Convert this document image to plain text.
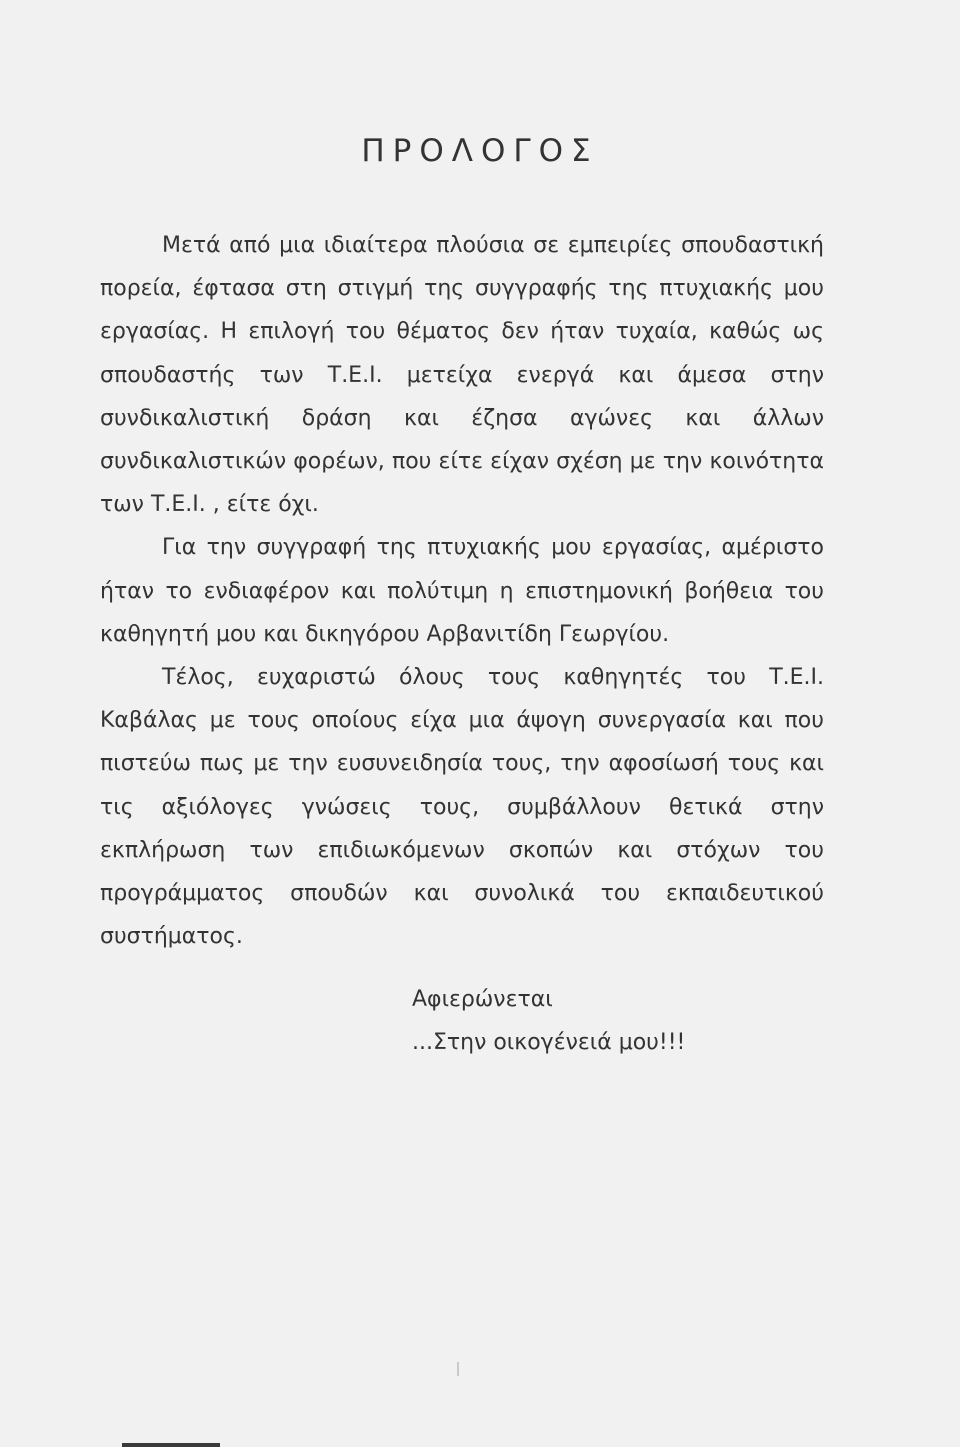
ΠΡΟΛΟΓΟΣ

Μετά από μια ιδιαίτερα πλούσια σε εμπειρίες σπουδαστική πορεία, έφτασα στη στιγμή της συγγραφής της πτυχιακής μου εργασίας. Η επιλογή του θέματος δεν ήταν τυχαία, καθώς ως σπουδαστής των Τ.Ε.Ι. μετείχα ενεργά και άμεσα στην συνδικαλιστική δράση και έζησα αγώνες και άλλων συνδικαλιστικών φορέων, που είτε είχαν σχέση με την κοινότητα των Τ.Ε.Ι. , είτε όχι.

Για την συγγραφή της πτυχιακής μου εργασίας, αμέριστο ήταν το ενδιαφέρον και πολύτιμη η επιστημονική βοήθεια του καθηγητή μου και δικηγόρου Αρβανιτίδη Γεωργίου.

Τέλος, ευχαριστώ όλους τους καθηγητές του Τ.Ε.Ι. Καβάλας με τους οποίους είχα μια άψογη συνεργασία και που πιστεύω πως με την ευσυνειδησία τους, την αφοσίωσή τους και τις αξιόλογες γνώσεις τους, συμβάλλουν θετικά στην εκπλήρωση των επιδιωκόμενων σκοπών και στόχων του προγράμματος σπουδών και συνολικά του εκπαιδευτικού συστήματος.

Αφιερώνεται
...Στην οικογένειά μου!!!
